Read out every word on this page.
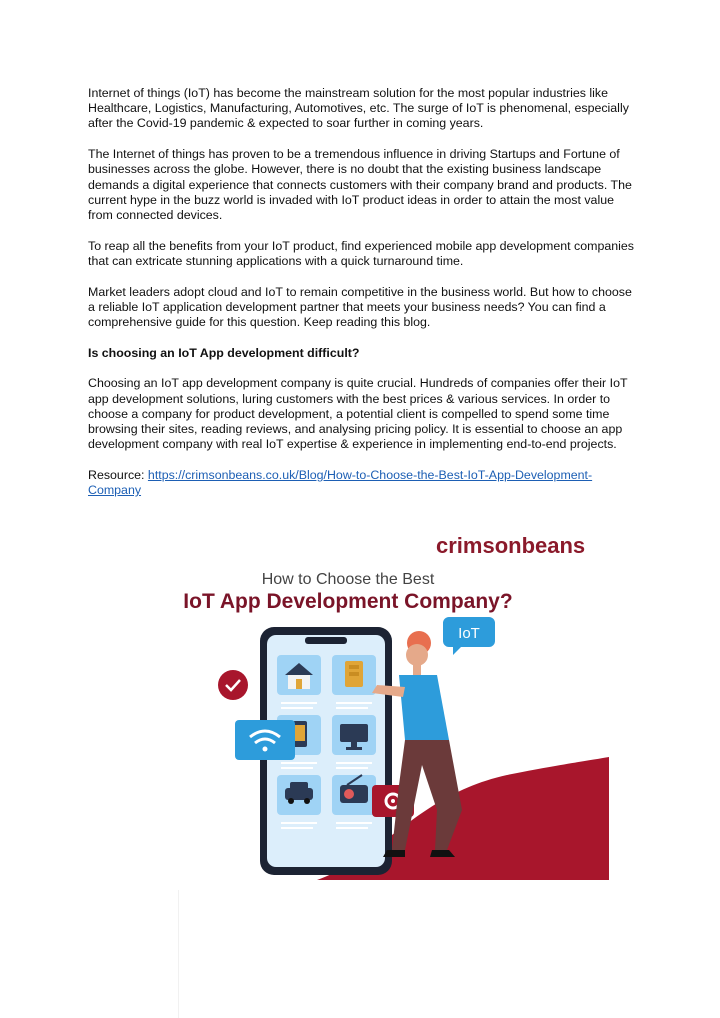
Internet of things (IoT) has become the mainstream solution for the most popular industries like Healthcare, Logistics, Manufacturing, Automotives, etc. The surge of IoT is phenomenal, especially after the Covid-19 pandemic & expected to soar further in coming years.

The Internet of things has proven to be a tremendous influence in driving Startups and Fortune of businesses across the globe. However, there is no doubt that the existing business landscape demands a digital experience that connects customers with their company brand and products. The current hype in the buzz world is invaded with IoT product ideas in order to attain the most value from connected devices.

To reap all the benefits from your IoT product, find experienced mobile app development companies that can extricate stunning applications with a quick turnaround time.

Market leaders adopt cloud and IoT to remain competitive in the business world. But how to choose a reliable IoT application development partner that meets your business needs? You can find a comprehensive guide for this question. Keep reading this blog.

Is choosing an IoT App development difficult?

Choosing an IoT app development company is quite crucial. Hundreds of companies offer their IoT app development solutions, luring customers with the best prices & various services. In order to choose a company for product development, a potential client is compelled to spend some time browsing their sites, reading reviews, and analysing pricing policy. It is essential to choose an app development company with real IoT expertise & experience in implementing end-to-end projects.

Resource: https://crimsonbeans.co.uk/Blog/How-to-Choose-the-Best-IoT-App-Development-Company

crimsonbeans
How to Choose the Best
IoT App Development Company?
IoT
